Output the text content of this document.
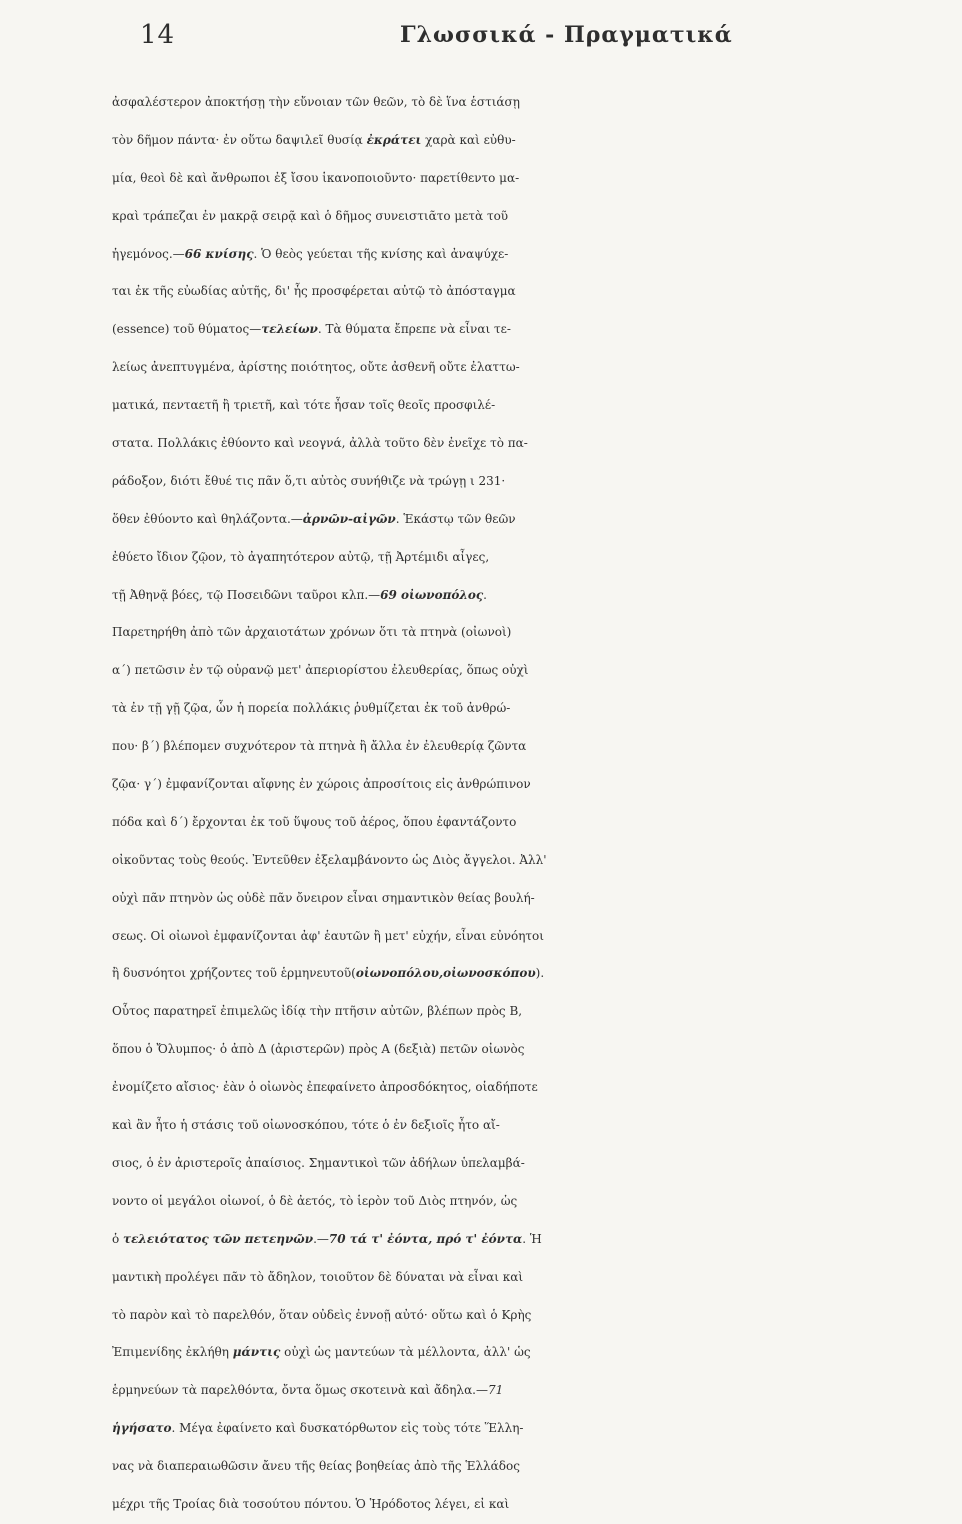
14	Γλωσσικά - Πραγματικά
ἀσφαλέστερον ἀποκτήσῃ τὴν εὔνοιαν τῶν θεῶν, τὸ δὲ ἵνα ἑστιάσῃ
τὸν δῆμον πάντα· ἐν οὕτω δαψιλεῖ θυσίᾳ ἐκράτει χαρὰ καὶ εὐθυ-
μία, θεοὶ δὲ καὶ ἄνθρωποι ἐξ ἴσου ἱκανοποιοῦντο· παρετίθεντο μα-
κραὶ τράπεζαι ἐν μακρᾷ σειρᾷ καὶ ὁ δῆμος συνειστιᾶτο μετὰ τοῦ
ἡγεμόνος.—66 κνίσης. Ὁ θεὸς γεύεται τῆς κνίσης καὶ ἀναψύχε-
ται ἐκ τῆς εὐωδίας αὐτῆς, δι' ἧς προσφέρεται αὐτῷ τὸ ἀπόσταγμα
(essence) τοῦ θύματος—τελείων. Τὰ θύματα ἔπρεπε νὰ εἶναι τε-
λείως ἀνεπτυγμένα, ἀρίστης ποιότητος, οὔτε ἀσθενῆ οὔτε ἐλαττω-
ματικά, πενταετῆ ἢ τριετῆ, καὶ τότε ἦσαν τοῖς θεοῖς προσφιλέ-
στατα. Πολλάκις ἐθύοντο καὶ νεογνά, ἀλλὰ τοῦτο δὲν ἐνεῖχε τὸ πα-
ράδοξον, διότι ἔθυέ τις πᾶν ὅ,τι αὐτὸς συνήθιζε νὰ τρώγῃ ι 231·
ὅθεν ἐθύοντο καὶ θηλάζοντα.—ἀρνῶν-αἰγῶν. Ἑκάστῳ τῶν θεῶν
ἐθύετο ἴδιον ζῷον, τὸ ἀγαπητότερον αὐτῷ, τῇ Ἀρτέμιδι αἶγες,
τῇ Ἀθηνᾷ βόες, τῷ Ποσειδῶνι ταῦροι κλπ.—69 οἰωνοπόλος.
Παρετηρήθη ἀπὸ τῶν ἀρχαιοτάτων χρόνων ὅτι τὰ πτηνὰ (οἰωνοὶ)
α΄) πετῶσιν ἐν τῷ οὐρανῷ μετ' ἀπεριορίστου ἐλευθερίας, ὅπως οὐχὶ
τὰ ἐν τῇ γῇ ζῷα, ὧν ἡ πορεία πολλάκις ῥυθμίζεται ἐκ τοῦ ἀνθρώ-
που· β΄) βλέπομεν συχνότερον τὰ πτηνὰ ἢ ἄλλα ἐν ἐλευθερίᾳ ζῶντα
ζῷα· γ΄) ἐμφανίζονται αἴφνης ἐν χώροις ἀπροσίτοις εἰς ἀνθρώπινον
πόδα καὶ δ΄) ἔρχονται ἐκ τοῦ ὕψους τοῦ ἀέρος, ὅπου ἐφαντάζοντο
οἰκοῦντας τοὺς θεούς. Ἐντεῦθεν ἐξελαμβάνοντο ὡς Διὸς ἄγγελοι. Ἀλλ'
οὐχὶ πᾶν πτηνὸν ὡς οὐδὲ πᾶν ὄνειρον εἶναι σημαντικὸν θείας βουλή-
σεως. Οἱ οἰωνοὶ ἐμφανίζονται ἀφ' ἑαυτῶν ἢ μετ' εὐχήν, εἶναι εὐνόητοι
ἢ δυσνόητοι χρήζοντες τοῦ ἑρμηνευτοῦ(οἰωνοπόλου,οἰωνοσκόπου).
Οὗτος παρατηρεῖ ἐπιμελῶς ἰδίᾳ τὴν πτῆσιν αὐτῶν, βλέπων πρὸς Β,
ὅπου ὁ Ὄλυμπος· ὁ ἀπὸ Δ (ἀριστερῶν) πρὸς Α (δεξιὰ) πετῶν οἰωνὸς
ἐνομίζετο αἴσιος· ἐὰν ὁ οἰωνὸς ἐπεφαίνετο ἀπροσδόκητος, οἱαδήποτε
καὶ ἂν ἦτο ἡ στάσις τοῦ οἰωνοσκόπου, τότε ὁ ἐν δεξιοῖς ἦτο αἴ-
σιος, ὁ ἐν ἀριστεροῖς ἀπαίσιος. Σημαντικοὶ τῶν ἀδήλων ὑπελαμβά-
νοντο οἱ μεγάλοι οἰωνοί, ὁ δὲ ἀετός, τὸ ἱερὸν τοῦ Διὸς πτηνόν, ὡς
ὁ τελειότατος τῶν πετεηνῶν.—70 τά τ' ἐόντα, πρό τ' ἐόντα. Ἡ
μαντικὴ προλέγει πᾶν τὸ ἄδηλον, τοιοῦτον δὲ δύναται νὰ εἶναι καὶ
τὸ παρὸν καὶ τὸ παρελθόν, ὅταν οὐδεὶς ἐννοῇ αὐτό· οὕτω καὶ ὁ Κρὴς
Ἐπιμενίδης ἐκλήθη μάντις οὐχὶ ὡς μαντεύων τὰ μέλλοντα, ἀλλ' ὡς
ἑρμηνεύων τὰ παρελθόντα, ὄντα ὅμως σκοτεινὰ καὶ ἄδηλα.—71
ἡγήσατο. Μέγα ἐφαίνετο καὶ δυσκατόρθωτον εἰς τοὺς τότε Ἕλλη-
νας νὰ διαπεραιωθῶσιν ἄνευ τῆς θείας βοηθείας ἀπὸ τῆς Ἑλλάδος
μέχρι τῆς Τροίας διὰ τοσούτου πόντου. Ὁ Ἡρόδοτος λέγει, εἰ καὶ
